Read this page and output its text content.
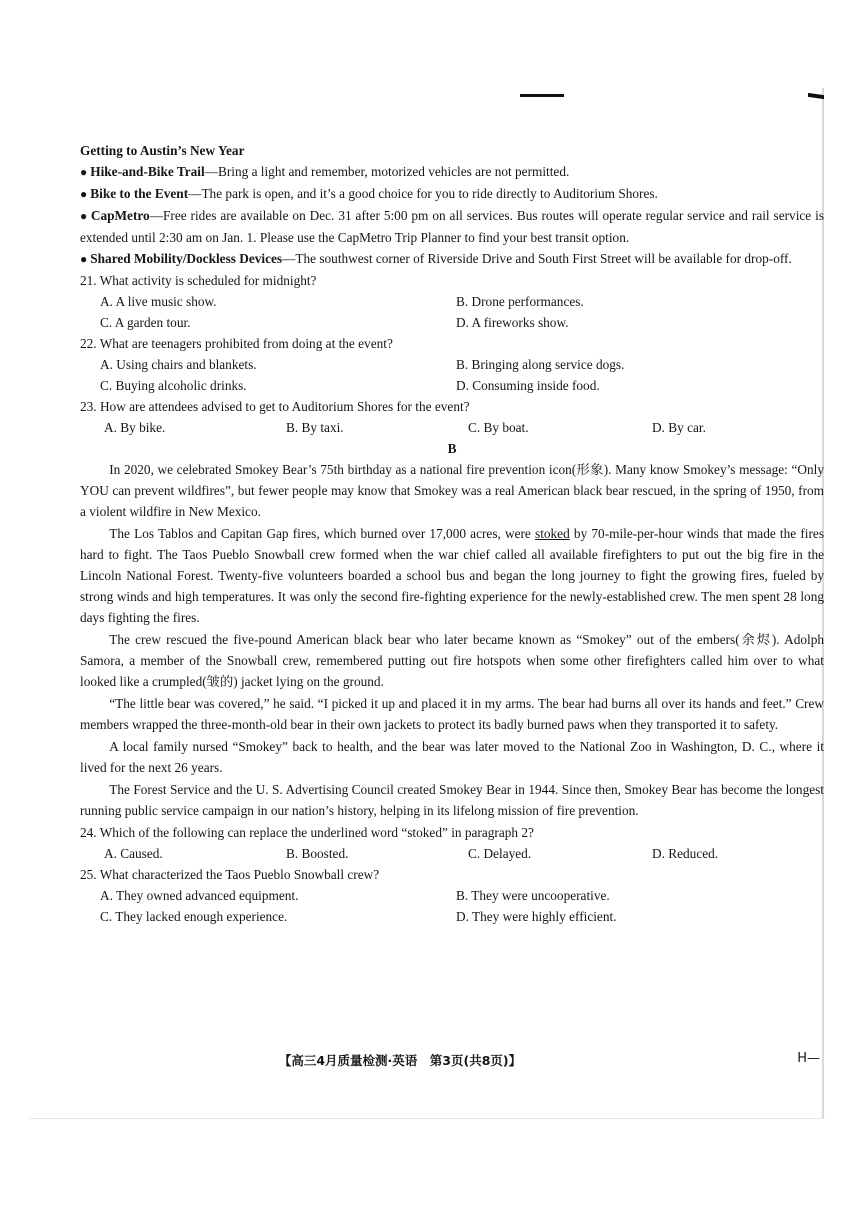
Getting to Austin’s New Year

● Hike-and-Bike Trail—Bring a light and remember, motorized vehicles are not permitted.

● Bike to the Event—The park is open, and it’s a good choice for you to ride directly to Auditorium Shores.

● CapMetro—Free rides are available on Dec. 31 after 5:00 pm on all services. Bus routes will operate regular service and rail service is extended until 2:30 am on Jan. 1. Please use the CapMetro Trip Planner to find your best transit option.

● Shared Mobility/Dockless Devices—The southwest corner of Riverside Drive and South First Street will be available for drop-off.

21. What activity is scheduled for midnight?

A. A live music show.	B. Drone performances.
C. A garden tour.	D. A fireworks show.

22. What are teenagers prohibited from doing at the event?

A. Using chairs and blankets.	B. Bringing along service dogs.
C. Buying alcoholic drinks.	D. Consuming inside food.

23. How are attendees advised to get to Auditorium Shores for the event?

A. By bike.	B. By taxi.	C. By boat.	D. By car.

B

In 2020, we celebrated Smokey Bear’s 75th birthday as a national fire prevention icon(形象). Many know Smokey’s message: “Only YOU can prevent wildfires”, but fewer people may know that Smokey was a real American black bear rescued, in the spring of 1950, from a violent wildfire in New Mexico.

The Los Tablos and Capitan Gap fires, which burned over 17,000 acres, were stoked by 70-mile-per-hour winds that made the fires hard to fight. The Taos Pueblo Snowball crew formed when the war chief called all available firefighters to put out the big fire in the Lincoln National Forest. Twenty-five volunteers boarded a school bus and began the long journey to fight the growing fires, fueled by strong winds and high temperatures. It was only the second fire-fighting experience for the newly-established crew. The men spent 28 long days fighting the fires.

The crew rescued the five-pound American black bear who later became known as “Smokey” out of the embers(余烬). Adolph Samora, a member of the Snowball crew, remembered putting out fire hotspots when some other firefighters called him over to what looked like a crumpled(皱的) jacket lying on the ground.

“The little bear was covered,” he said. “I picked it up and placed it in my arms. The bear had burns all over its hands and feet.” Crew members wrapped the three-month-old bear in their own jackets to protect its badly burned paws when they transported it to safety.

A local family nursed “Smokey” back to health, and the bear was later moved to the National Zoo in Washington, D. C., where it lived for the next 26 years.

The Forest Service and the U. S. Advertising Council created Smokey Bear in 1944. Since then, Smokey Bear has become the longest running public service campaign in our nation’s history, helping in its lifelong mission of fire prevention.

24. Which of the following can replace the underlined word “stoked” in paragraph 2?

A. Caused.	B. Boosted.	C. Delayed.	D. Reduced.

25. What characterized the Taos Pueblo Snowball crew?

A. They owned advanced equipment.	B. They were uncooperative.
C. They lacked enough experience.	D. They were highly efficient.
【高三4月质量检测·英语　第3页(共8页)】	H—
